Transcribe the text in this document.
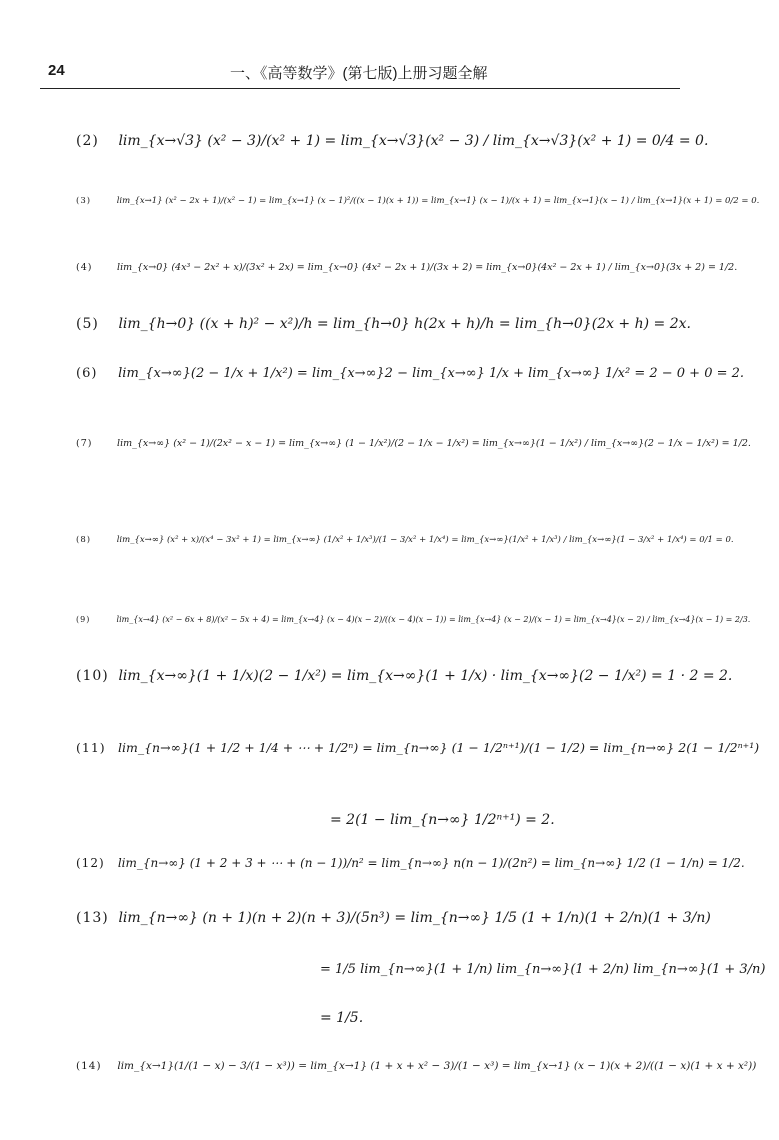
24	一、《高等数学》(第七版)上册习题全解
(2) lim_{x→√3} (x² − 3)/(x² + 1) = lim_{x→√3}(x² − 3) / lim_{x→√3}(x² + 1) = 0/4 = 0.
(3)	lim_{x→1} (x² − 2x + 1)/(x² − 1) = lim_{x→1} (x − 1)²/((x − 1)(x + 1)) = lim_{x→1} (x − 1)/(x + 1) = lim_{x→1}(x − 1) / lim_{x→1}(x + 1) = 0/2 = 0.
(4)	lim_{x→0} (4x³ − 2x² + x)/(3x² + 2x) = lim_{x→0} (4x² − 2x + 1)/(3x + 2) = lim_{x→0}(4x² − 2x + 1) / lim_{x→0}(3x + 2) = 1/2.
(5) lim_{h→0} ((x + h)² − x²)/h = lim_{h→0} h(2x + h)/h = lim_{h→0}(2x + h) = 2x.
(6) lim_{x→∞}(2 − 1/x + 1/x²) = lim_{x→∞}2 − lim_{x→∞} 1/x + lim_{x→∞} 1/x² = 2 − 0 + 0 = 2.
(7)	lim_{x→∞} (x² − 1)/(2x² − x − 1) = lim_{x→∞} (1 − 1/x²)/(2 − 1/x − 1/x²) = lim_{x→∞}(1 − 1/x²) / lim_{x→∞}(2 − 1/x − 1/x²) = 1/2.
(8)	lim_{x→∞} (x² + x)/(x⁴ − 3x² + 1) = lim_{x→∞} (1/x² + 1/x³)/(1 − 3/x² + 1/x⁴) = lim_{x→∞}(1/x² + 1/x³) / lim_{x→∞}(1 − 3/x² + 1/x⁴) = 0/1 = 0.
(9)	lim_{x→4} (x² − 6x + 8)/(x² − 5x + 4) = lim_{x→4} (x − 4)(x − 2)/((x − 4)(x − 1)) = lim_{x→4} (x − 2)/(x − 1) = lim_{x→4}(x − 2) / lim_{x→4}(x − 1) = 2/3.
(10) lim_{x→∞}(1 + 1/x)(2 − 1/x²) = lim_{x→∞}(1 + 1/x) · lim_{x→∞}(2 − 1/x²) = 1 · 2 = 2.
(11) lim_{n→∞}(1 + 1/2 + 1/4 + ⋯ + 1/2ⁿ) = lim_{n→∞} (1 − 1/2ⁿ⁺¹)/(1 − 1/2) = lim_{n→∞} 2(1 − 1/2ⁿ⁺¹)
= 2(1 − lim_{n→∞} 1/2ⁿ⁺¹) = 2.
(12) lim_{n→∞} (1 + 2 + 3 + ⋯ + (n − 1))/n² = lim_{n→∞} n(n − 1)/(2n²) = lim_{n→∞} 1/2 (1 − 1/n) = 1/2.
(13) lim_{n→∞} (n + 1)(n + 2)(n + 3)/(5n³) = lim_{n→∞} 1/5 (1 + 1/n)(1 + 2/n)(1 + 3/n)
= 1/5 lim_{n→∞}(1 + 1/n) lim_{n→∞}(1 + 2/n) lim_{n→∞}(1 + 3/n)
= 1/5.
(14) lim_{x→1}(1/(1 − x) − 3/(1 − x³)) = lim_{x→1} (1 + x + x² − 3)/(1 − x³) = lim_{x→1} (x − 1)(x + 2)/((1 − x)(1 + x + x²))
